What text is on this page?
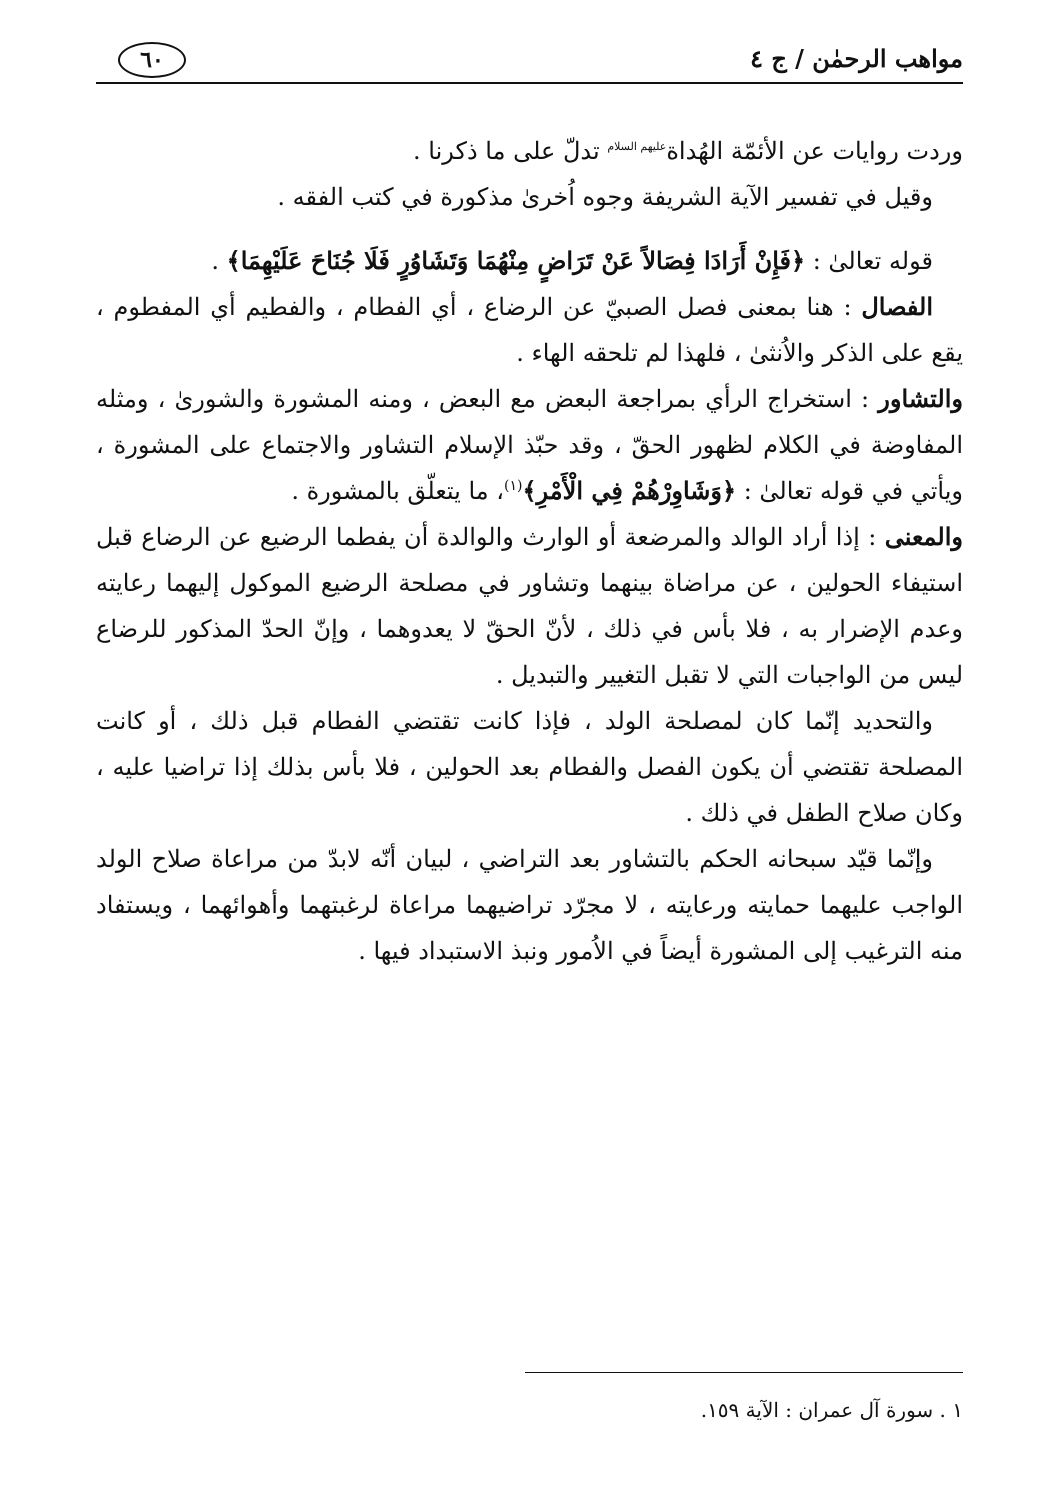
مواهب الرحمٰن / ج ٤
٦٠

وردت روايات عن الأئمّة الهُداة$^{عليهم السلام}$ تدلّ على ما ذكرنا .

وقيل في تفسير الآية الشريفة وجوه اُخرىٰ مذكورة في كتب الفقه .

قوله تعالىٰ : ﴿فَإِنْ أَرَادَا فِصَالاً عَنْ تَرَاضٍ مِنْهُمَا وَتَشَاوُرٍ فَلَا جُنَاحَ عَلَيْهِمَا﴾ .

الفصال : هنا بمعنى فصل الصبيّ عن الرضاع ، أي الفطام ، والفطيم أي المفطوم ، يقع على الذكر والاُنثىٰ ، فلهذا لم تلحقه الهاء .

والتشاور : استخراج الرأي بمراجعة البعض مع البعض ، ومنه المشورة والشورىٰ ، ومثله المفاوضة في الكلام لظهور الحقّ ، وقد حبّذ الإسلام التشاور والاجتماع على المشورة ، ويأتي في قوله تعالىٰ : ﴿وَشَاوِرْهُمْ فِي الْأَمْرِ﴾$^{(١)}$، ما يتعلّق بالمشورة .

والمعنى : إذا أراد الوالد والمرضعة أو الوارث والوالدة أن يفطما الرضيع عن الرضاع قبل استيفاء الحولين ، عن مراضاة بينهما وتشاور في مصلحة الرضيع الموكول إليهما رعايته وعدم الإضرار به ، فلا بأس في ذلك ، لأنّ الحقّ لا يعدوهما ، وإنّ الحدّ المذكور للرضاع ليس من الواجبات التي لا تقبل التغيير والتبديل .

والتحديد إنّما كان لمصلحة الولد ، فإذا كانت تقتضي الفطام قبل ذلك ، أو كانت المصلحة تقتضي أن يكون الفصل والفطام بعد الحولين ، فلا بأس بذلك إذا تراضيا عليه ، وكان صلاح الطفل في ذلك .

وإنّما قيّد سبحانه الحكم بالتشاور بعد التراضي ، لبيان أنّه لابدّ من مراعاة صلاح الولد الواجب عليهما حمايته ورعايته ، لا مجرّد تراضيهما مراعاة لرغبتهما وأهوائهما ، ويستفاد منه الترغيب إلى المشورة أيضاً في الاُمور ونبذ الاستبداد فيها .

١ . سورة آل عمران : الآية ١٥٩.
